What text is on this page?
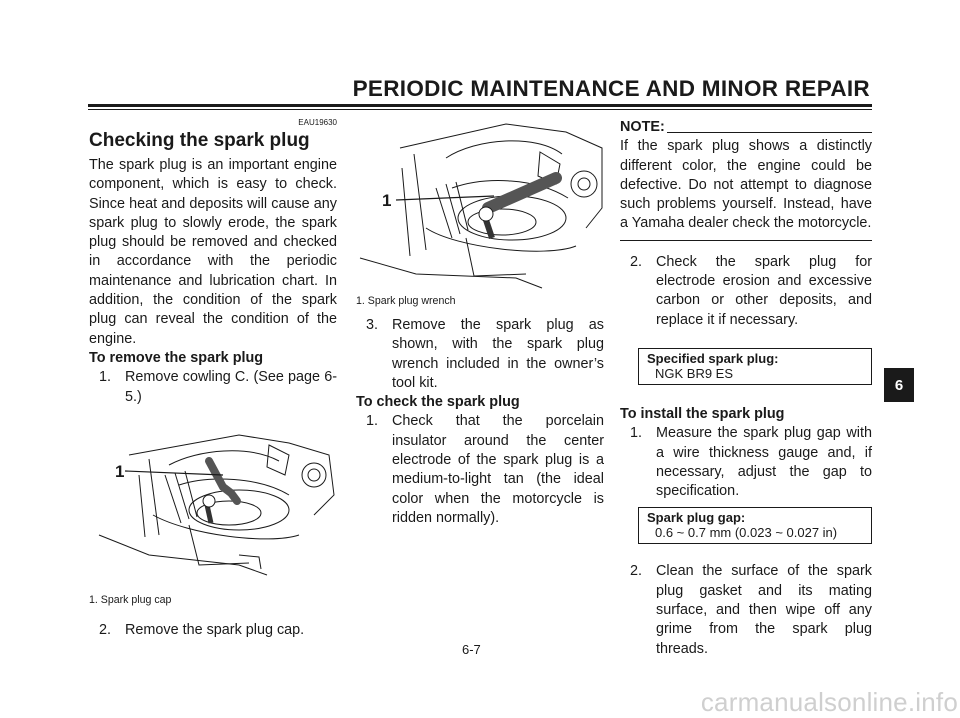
PERIODIC MAINTENANCE AND MINOR REPAIR
EAU19630
Checking the spark plug

The spark plug is an important engine component, which is easy to check. Since heat and deposits will cause any spark plug to slowly erode, the spark plug should be removed and checked in accordance with the periodic maintenance and lubrication chart. In addition, the condition of the spark plug can reveal the condition of the engine.

To remove the spark plug

1. Remove cowling C. (See page 6-5.)
1

1. Spark plug cap

2. Remove the spark plug cap.
1

1. Spark plug wrench

3. Remove the spark plug as shown, with the spark plug wrench included in the owner’s tool kit.

To check the spark plug

1. Check that the porcelain insulator around the center electrode of the spark plug is a medium-to-light tan (the ideal color when the motorcycle is ridden normally).
NOTE:

If the spark plug shows a distinctly different color, the engine could be defective. Do not attempt to diagnose such problems yourself. Instead, have a Yamaha dealer check the motorcycle.

2. Check the spark plug for electrode erosion and excessive carbon or other deposits, and replace it if necessary.
Specified spark plug:
NGK BR9 ES

To install the spark plug

1. Measure the spark plug gap with a wire thickness gauge and, if necessary, adjust the gap to specification.
Spark plug gap:
0.6 ~ 0.7 mm (0.023 ~ 0.027 in)
2. Clean the surface of the spark plug gasket and its mating surface, and then wipe off any grime from the spark plug threads.
6-7
6
carmanualsonline.info
